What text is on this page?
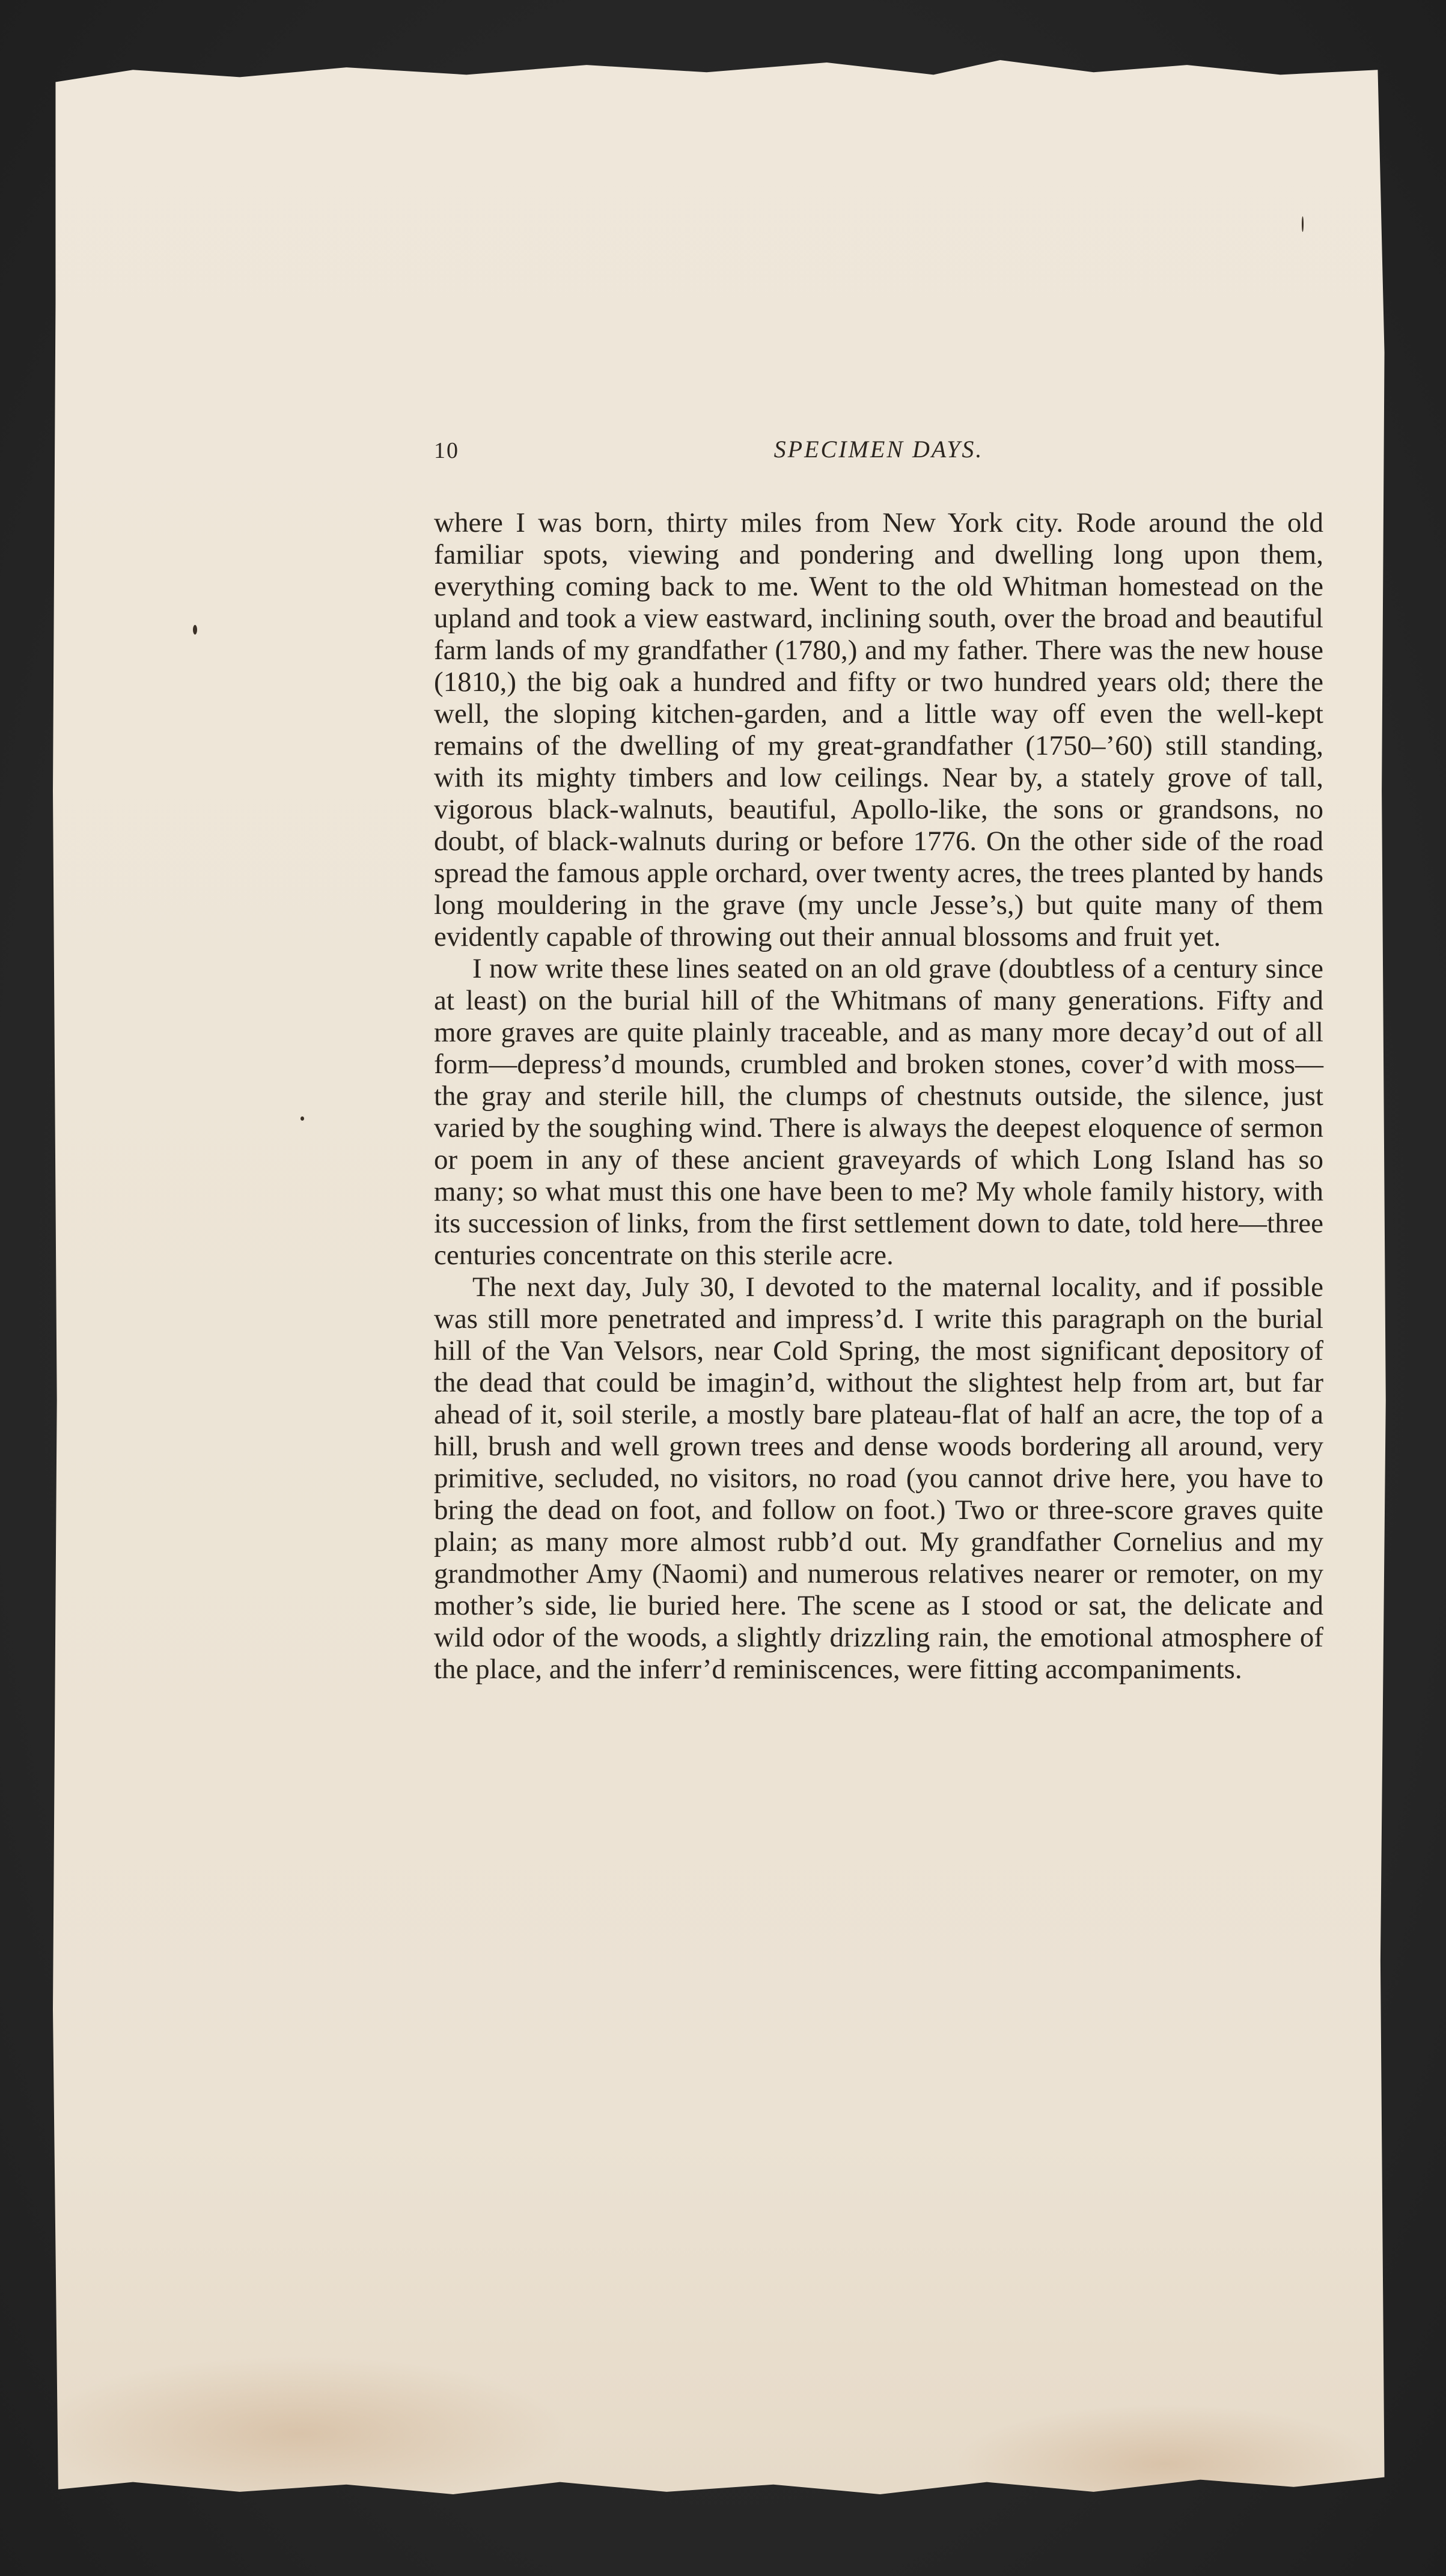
10	SPECIMEN DAYS.

where I was born, thirty miles from New York city. Rode around the old familiar spots, viewing and pondering and dwelling long upon them, everything coming back to me. Went to the old Whitman homestead on the upland and took a view eastward, inclining south, over the broad and beautiful farm lands of my grandfather (1780,) and my father. There was the new house (1810,) the big oak a hundred and fifty or two hundred years old; there the well, the sloping kitchen-garden, and a little way off even the well-kept remains of the dwelling of my great-grandfather (1750–’60) still standing, with its mighty timbers and low ceilings. Near by, a stately grove of tall, vigorous black-walnuts, beautiful, Apollo-like, the sons or grandsons, no doubt, of black-walnuts during or before 1776. On the other side of the road spread the famous apple orchard, over twenty acres, the trees planted by hands long mouldering in the grave (my uncle Jesse’s,) but quite many of them evidently capable of throwing out their annual blossoms and fruit yet.

I now write these lines seated on an old grave (doubtless of a century since at least) on the burial hill of the Whitmans of many generations. Fifty and more graves are quite plainly traceable, and as many more decay’d out of all form—depress’d mounds, crumbled and broken stones, cover’d with moss—the gray and sterile hill, the clumps of chestnuts outside, the silence, just varied by the soughing wind. There is always the deepest eloquence of sermon or poem in any of these ancient graveyards of which Long Island has so many; so what must this one have been to me? My whole family history, with its succession of links, from the first settlement down to date, told here—three centuries concentrate on this sterile acre.

The next day, July 30, I devoted to the maternal locality, and if possible was still more penetrated and impress’d. I write this paragraph on the burial hill of the Van Velsors, near Cold Spring, the most significant depository of the dead that could be imagin’d, without the slightest help from art, but far ahead of it, soil sterile, a mostly bare plateau-flat of half an acre, the top of a hill, brush and well grown trees and dense woods bordering all around, very primitive, secluded, no visitors, no road (you cannot drive here, you have to bring the dead on foot, and follow on foot.) Two or three-score graves quite plain; as many more almost rubb’d out. My grandfather Cornelius and my grandmother Amy (Naomi) and numerous relatives nearer or remoter, on my mother’s side, lie buried here. The scene as I stood or sat, the delicate and wild odor of the woods, a slightly drizzling rain, the emotional atmosphere of the place, and the inferr’d reminiscences, were fitting accompaniments.
